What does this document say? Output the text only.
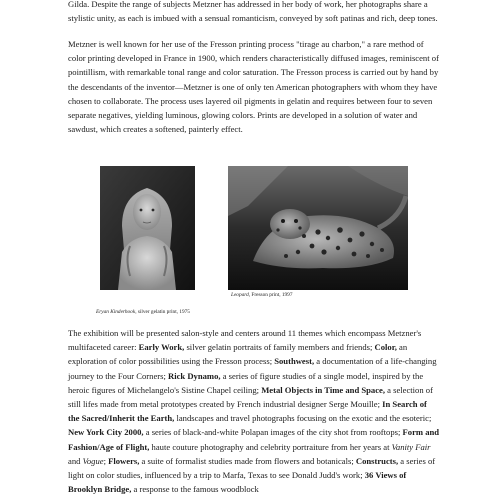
Gilda. Despite the range of subjects Metzner has addressed in her body of work, her photographs share a stylistic unity, as each is imbued with a sensual romanticism, conveyed by soft patinas and rich, deep tones.

Metzner is well known for her use of the Fresson printing process "tirage au charbon," a rare method of color printing developed in France in 1900, which renders characteristically diffused images, reminiscent of pointillism, with remarkable tonal range and color saturation. The Fresson process is carried out by hand by the descendants of the inventor—Metzner is one of only ten American photographers with whom they have chosen to collaborate. The process uses layered oil pigments in gelatin and requires between four to seven separate negatives, yielding luminous, glowing colors. Prints are developed in a solution of water and sawdust, which creates a softened, painterly effect.

Eryan Kinderhook, silver gelatin print, 1975

Leopard, Fresson print, 1997

The exhibition will be presented salon-style and centers around 11 themes which encompass Metzner's multifaceted career: Early Work, silver gelatin portraits of family members and friends; Color, an exploration of color possibilities using the Fresson process; Southwest, a documentation of a life-changing journey to the Four Corners; Rick Dynamo, a series of figure studies of a single model, inspired by the heroic figures of Michelangelo's Sistine Chapel ceiling; Metal Objects in Time and Space, a selection of still lifes made from metal prototypes created by French industrial designer Serge Mouille; In Search of the Sacred/Inherit the Earth, landscapes and travel photographs focusing on the exotic and the esoteric; New York City 2000, a series of black-and-white Polapan images of the city shot from rooftops; Form and Fashion/Age of Flight, haute couture photography and celebrity portraiture from her years at Vanity Fair and Vogue; Flowers, a suite of formalist studies made from flowers and botanicals; Constructs, a series of light on color studies, influenced by a trip to Marfa, Texas to see Donald Judd's work; 36 Views of Brooklyn Bridge, a response to the famous woodblock
